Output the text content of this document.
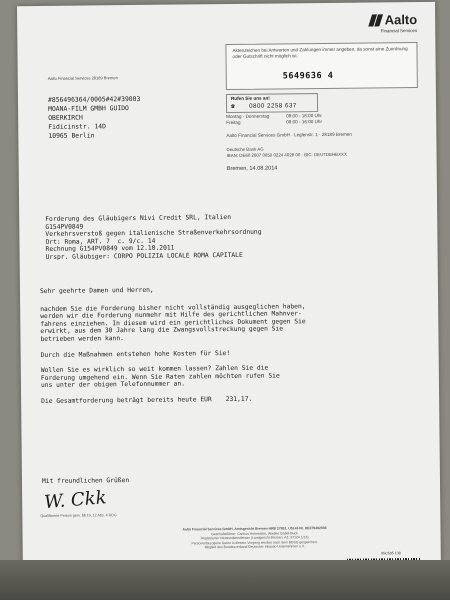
Aalto
Financial Services
Aktenzeichen bei Antworten und Zahlungen immer angeben, da sonst eine Zuordnung oder Gutschrift nicht möglich ist.
5649636 4
Aalto Financial Services 28189 Bremen
#856496364/0005#42#39003
MOANA-FILM GMBH GUIDO
OBERKIRCH
Fidicinstr. 14D
10965 Berlin
Rufen Sie uns an!
☎ 0800 2258 637
Montag - Donnerstag	08:00 - 18:00 Uhr
Freitag	08:00 - 16:00 Uhr
Aalto Financial Services GmbH · Leglenstr. 1 · 28189 Bremen
Deutsche Bank AG
IBAN: DE60 2007 0050 0224 4028 00 · BIC: DEUTDEHBXXX
Bremen, 14.08.2014
Forderung des Gläubigers Nivi Credit SRL, Italien
G154PV0849
Verkehrsverstoß gegen italienische Straßenverkehrsordnung
Ort: Roma, ART. 7  c. 9/c. 14
Rechnung G154PV0849 vom 12.10.2011
Urspr. Gläubiger: CORPO POLIZIA LOCALE ROMA CAPITALE

Sehr geehrte Damen und Herren,

nachdem Sie die Forderung bisher nicht vollständig ausgeglichen haben,
werden wir die Forderung nunmehr mit Hilfe des gerichtlichen Mahnver-
fahrens einziehen. In diesem wird ein gerichtliches Dokument gegen Sie
erwirkt, aus dem 30 Jahre lang die Zwangsvollstreckung gegen Sie
betrieben werden kann.

Durch die Maßnahmen entstehen hohe Kosten für Sie!

Wollen Sie es wirklich so weit kommen lassen? Zahlen Sie die
Forderung umgehend ein. Wenn Sie Raten zahlen möchten rufen Sie
uns unter der obigen Telefonnummer an.

Die Gesamtforderung beträgt bereits heute EUR 231,17.

Mit freundlichen Grüßen
W. Ckk
Qualifizierte Person gem. §§ 19, 12 Abs. 4 RDG
Aalto Financial Services GmbH, Amtsgericht Bremen HRB 27851, USt-Id-Nr. DE279402036
Geschäftsführer: Carinus Hofmeister, Wiebke Gabel-Buck
Registrierter Inkassodienstleister (Landgericht Bremen, AZ: 37124 1/13)
Personenbezogene Daten in diesem Vorgang werden nach dem BDSG gespeichert.
Mitglied des Bundesverband Deutscher Inkasso-Unternehmen e.V.
95C505 138
